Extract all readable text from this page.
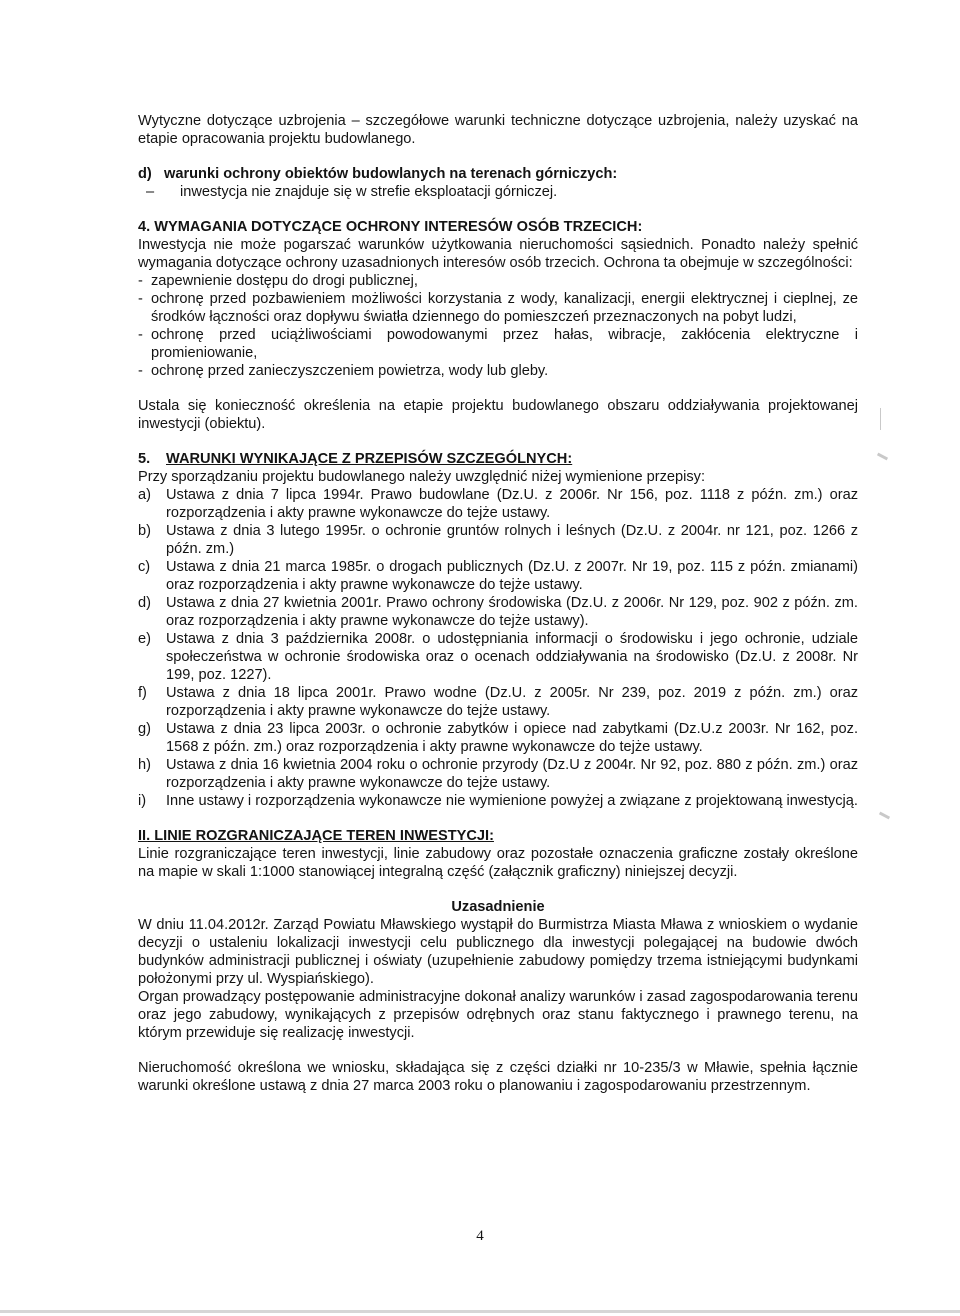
Wytyczne dotyczące uzbrojenia – szczegółowe warunki techniczne dotyczące uzbrojenia, należy uzyskać na etapie opracowania projektu budowlanego.
d) warunki ochrony obiektów budowlanych na terenach górniczych:
–	inwestycja nie znajduje się w strefie eksploatacji górniczej.
4. WYMAGANIA DOTYCZĄCE OCHRONY INTERESÓW OSÓB TRZECICH:
Inwestycja nie może pogarszać warunków użytkowania nieruchomości sąsiednich. Ponadto należy spełnić wymagania dotyczące ochrony uzasadnionych interesów osób trzecich. Ochrona ta obejmuje w szczególności:
- zapewnienie dostępu do drogi publicznej,
- ochronę przed pozbawieniem możliwości korzystania z wody, kanalizacji, energii elektrycznej i cieplnej, ze środków łączności oraz dopływu światła dziennego do pomieszczeń przeznaczonych na pobyt ludzi,
- ochronę przed uciążliwościami powodowanymi przez hałas, wibracje, zakłócenia elektryczne i promieniowanie,
- ochronę przed zanieczyszczeniem powietrza, wody lub gleby.
Ustala się konieczność określenia na etapie projektu budowlanego obszaru oddziaływania projektowanej inwestycji (obiektu).
5.	WARUNKI WYNIKAJĄCE Z PRZEPISÓW SZCZEGÓLNYCH:
Przy sporządzaniu projektu budowlanego należy uwzględnić niżej wymienione przepisy:
a)	Ustawa z dnia 7 lipca 1994r. Prawo budowlane (Dz.U. z 2006r. Nr 156, poz. 1118 z późn. zm.) oraz rozporządzenia i akty prawne wykonawcze do tejże ustawy.
b)	Ustawa z dnia 3 lutego 1995r. o ochronie gruntów rolnych i leśnych (Dz.U. z 2004r. nr 121, poz. 1266 z późn. zm.)
c)	Ustawa z dnia 21 marca 1985r. o drogach publicznych (Dz.U. z 2007r. Nr 19, poz. 115 z późn. zmianami) oraz rozporządzenia i akty prawne wykonawcze do tejże ustawy.
d)	Ustawa z dnia 27 kwietnia 2001r. Prawo ochrony środowiska (Dz.U. z 2006r. Nr 129, poz. 902 z późn. zm. oraz rozporządzenia i akty prawne wykonawcze do tejże ustawy).
e)	Ustawa z dnia 3 października 2008r. o udostępniania informacji o środowisku i jego ochronie, udziale społeczeństwa w ochronie środowiska oraz o ocenach oddziaływania na środowisko (Dz.U. z 2008r. Nr 199, poz. 1227).
f)	Ustawa z dnia 18 lipca 2001r. Prawo wodne (Dz.U. z 2005r. Nr 239, poz. 2019 z późn. zm.) oraz rozporządzenia i akty prawne wykonawcze do tejże ustawy.
g)	Ustawa z dnia 23 lipca 2003r. o ochronie zabytków i opiece nad zabytkami (Dz.U.z 2003r. Nr 162, poz. 1568 z późn. zm.) oraz rozporządzenia i akty prawne wykonawcze do tejże ustawy.
h)	Ustawa z dnia 16 kwietnia 2004 roku o ochronie przyrody (Dz.U z 2004r. Nr 92, poz. 880 z późn. zm.) oraz rozporządzenia i akty prawne wykonawcze do tejże ustawy.
i)	Inne ustawy i rozporządzenia wykonawcze nie wymienione powyżej a związane z projektowaną inwestycją.
II. LINIE ROZGRANICZAJĄCE TEREN INWESTYCJI:
Linie rozgraniczające teren inwestycji, linie zabudowy oraz pozostałe oznaczenia graficzne zostały określone na mapie w skali 1:1000 stanowiącej integralną część (załącznik graficzny) niniejszej decyzji.
Uzasadnienie
W dniu 11.04.2012r. Zarząd Powiatu Mławskiego wystąpił do Burmistrza Miasta Mława z wnioskiem o wydanie decyzji o ustaleniu lokalizacji inwestycji celu publicznego dla inwestycji polegającej na budowie dwóch budynków administracji publicznej i oświaty (uzupełnienie zabudowy pomiędzy trzema istniejącymi budynkami położonymi przy ul. Wyspiańskiego).
Organ prowadzący postępowanie administracyjne dokonał analizy warunków i zasad zagospodarowania terenu oraz jego zabudowy, wynikających z przepisów odrębnych oraz stanu faktycznego i prawnego terenu, na którym przewiduje się realizację inwestycji.
Nieruchomość określona we wniosku, składająca się z części działki nr 10-235/3 w Mławie, spełnia łącznie warunki określone ustawą z dnia 27 marca 2003 roku o planowaniu i zagospodarowaniu przestrzennym.
4
